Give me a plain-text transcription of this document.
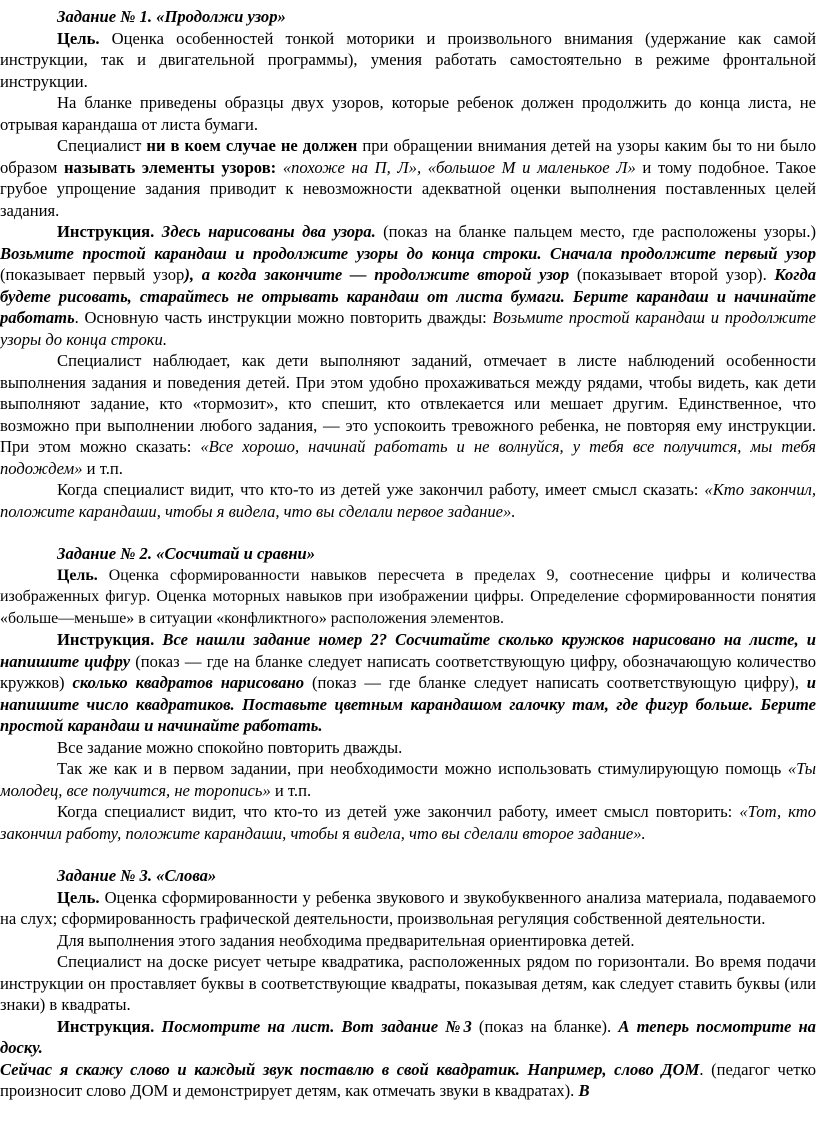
Задание № 1. «Продолжи узор»

Цель. Оценка особенностей тонкой моторики и произвольного внимания (удержание как самой инструкции, так и двигательной программы), умения работать самостоятельно в режиме фронтальной инструкции.

На бланке приведены образцы двух узоров, которые ребенок должен продолжить до конца листа, не отрывая карандаша от листа бумаги.

Специалист ни в коем случае не должен при обращении внимания детей на узоры каким бы то ни было образом называть элементы узоров: «похоже на П, Л», «большое М и маленькое Л» и тому подобное. Такое грубое упрощение задания приводит к невозможности адекватной оценки выполнения поставленных целей задания.

Инструкция. Здесь нарисованы два узора. (показ на бланке пальцем место, где расположены узоры.) Возьмите простой карандаш и продолжите узоры до конца строки. Сначала продолжите первый узор (показывает первый узор), а когда закончите — продолжите второй узор (показывает второй узор). Когда будете рисовать, старайтесь не отрывать карандаш от листа бумаги. Берите карандаш и начинайте работать. Основную часть инструкции можно повторить дважды: Возьмите простой карандаш и продолжите узоры до конца строки.

Специалист наблюдает, как дети выполняют заданий, отмечает в листе наблюдений особенности выполнения задания и поведения детей. При этом удобно прохаживаться между рядами, чтобы видеть, как дети выполняют задание, кто «тормозит», кто спешит, кто отвлекается или мешает другим. Единственное, что возможно при выполнении любого задания, — это успокоить тревожного ребенка, не повторяя ему инструкции. При этом можно сказать: «Все хорошо, начинай работать и не волнуйся, у тебя все получится, мы тебя подождем» и т.п.

Когда специалист видит, что кто-то из детей уже закончил работу, имеет смысл сказать: «Кто закончил, положите карандаши, чтобы я видела, что вы сделали первое задание».

Задание № 2. «Сосчитай и сравни»

Цель. Оценка сформированности навыков пересчета в пределах 9, соотнесение цифры и количества изображенных фигур. Оценка моторных навыков при изображении цифры. Определение сформированности понятия «больше—меньше» в ситуации «конфликтного» расположения элементов.

Инструкция. Все нашли задание номер 2? Сосчитайте сколько кружков нарисовано на листе, и напишите цифру (показ — где на бланке следует написать соответствующую цифру, обозначающую количество кружков) сколько квадратов нарисовано (показ — где бланке следует написать соответствующую цифру), и напишите число квадратиков. Поставьте цветным карандашом галочку там, где фигур больше. Берите простой карандаш и начинайте работать.

Все задание можно спокойно повторить дважды.

Так же как и в первом задании, при необходимости можно использовать стимулирующую помощь «Ты молодец, все получится, не торопись» и т.п.

Когда специалист видит, что кто-то из детей уже закончил работу, имеет смысл повторить: «Тот, кто закончил работу, положите карандаши, чтобы я видела, что вы сделали второе задание».

Задание № 3. «Слова»

Цель. Оценка сформированности у ребенка звукового и звукобуквенного анализа материала, подаваемого на слух; сформированность графической деятельности, произвольная регуляция собственной деятельности.

Для выполнения этого задания необходима предварительная ориентировка детей.

Специалист на доске рисует четыре квадратика, расположенных рядом по горизонтали. Во время подачи инструкции он проставляет буквы в соответствующие квадраты, показывая детям, как следует ставить буквы (или знаки) в квадраты.

Инструкция. Посмотрите на лист. Вот задание №3 (показ на бланке). А теперь посмотрите на доску.

Сейчас я скажу слово и каждый звук поставлю в свой квадратик. Например, слово ДОМ. (педагог четко произносит слово ДОМ и демонстрирует детям, как отмечать звуки в квадратах). В
